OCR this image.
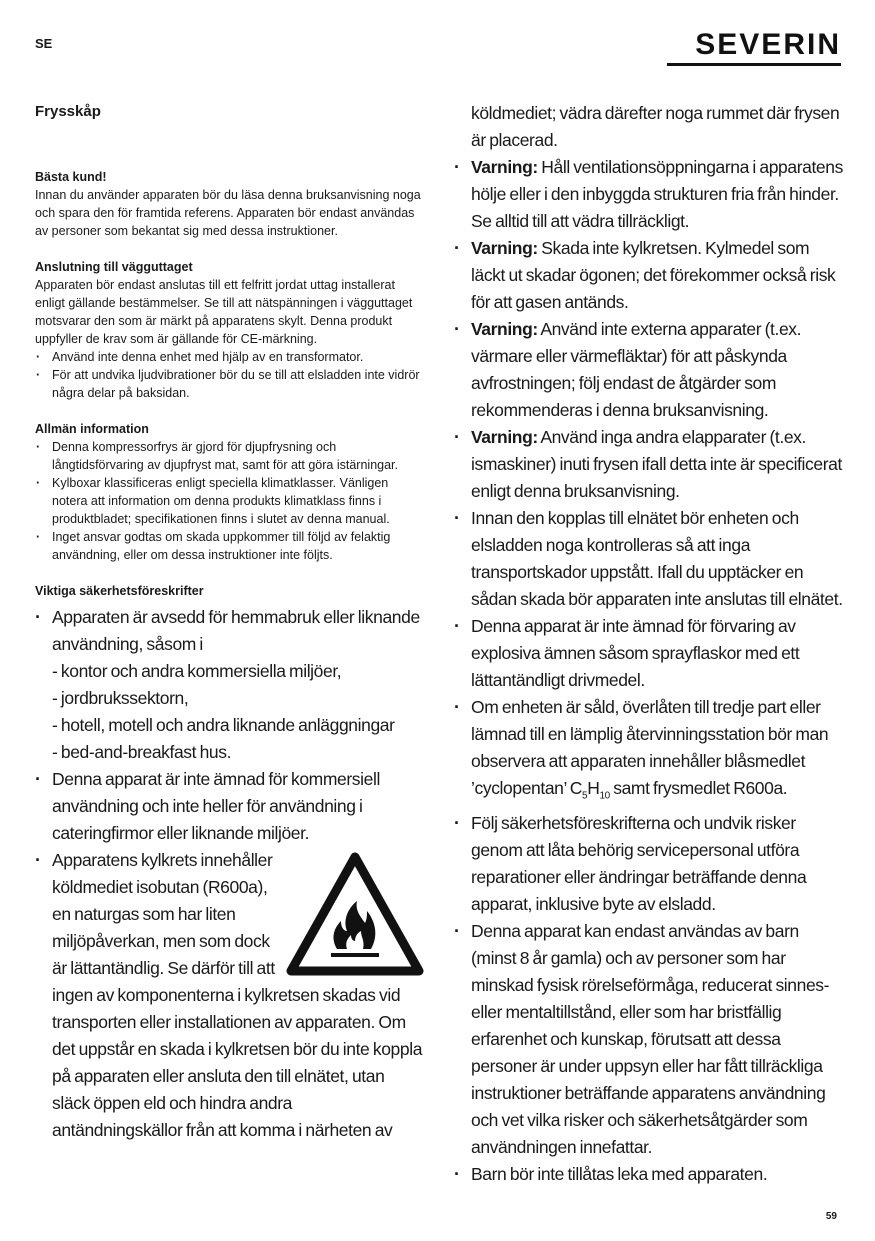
SE	SEVERIN
Frysskåp
Bästa kund!
Innan du använder apparaten bör du läsa denna bruksanvisning noga och spara den för framtida referens. Apparaten bör endast användas av personer som bekantat sig med dessa instruktioner.
Anslutning till vägguttaget
Apparaten bör endast anslutas till ett felfritt jordat uttag installerat enligt gällande bestämmelser. Se till att nätspänningen i vägguttaget motsvarar den som är märkt på apparatens skylt. Denna produkt uppfyller de krav som är gällande för CE-märkning.
· Använd inte denna enhet med hjälp av en transformator.
· För att undvika ljudvibrationer bör du se till att elsladden inte vidrör några delar på baksidan.
Allmän information
· Denna kompressorfrys är gjord för djupfrysning och långtidsförvaring av djupfryst mat, samt för att göra istärningar.
· Kylboxar klassificeras enligt speciella klimatklasser. Vänligen notera att information om denna produkts klimatklass finns i produktbladet; specifikationen finns i slutet av denna manual.
· Inget ansvar godtas om skada uppkommer till följd av felaktig användning, eller om dessa instruktioner inte följts.
Viktiga säkerhetsföreskrifter
· Apparaten är avsedd för hemmabruk eller liknande användning, såsom i
- kontor och andra kommersiella miljöer,
- jordbrukssektorn,
- hotell, motell och andra liknande anläggningar
- bed-and-breakfast hus.
· Denna apparat är inte ämnad för kommersiell användning och inte heller för användning i cateringfirmor eller liknande miljöer.
· Apparatens kylkrets innehåller köldmediet isobutan (R600a), en naturgas som har liten miljöpåverkan, men som dock är lättantändlig. Se därför till att ingen av komponenterna i kylkretsen skadas vid transporten eller installationen av apparaten. Om det uppstår en skada i kylkretsen bör du inte koppla på apparaten eller ansluta den till elnätet, utan släck öppen eld och hindra andra antändningskällor från att komma i närheten av
köldmediet; vädra därefter noga rummet där frysen är placerad.
· Varning: Håll ventilationsöppningarna i apparatens hölje eller i den inbyggda strukturen fria från hinder. Se alltid till att vädra tillräckligt.
· Varning: Skada inte kylkretsen. Kylmedel som läckt ut skadar ögonen; det förekommer också risk för att gasen antänds.
· Varning: Använd inte externa apparater (t.ex. värmare eller värmefläktar) för att påskynda avfrostningen; följ endast de åtgärder som rekommenderas i denna bruksanvisning.
· Varning: Använd inga andra elapparater (t.ex. ismaskiner) inuti frysen ifall detta inte är specificerat enligt denna bruksanvisning.
· Innan den kopplas till elnätet bör enheten och elsladden noga kontrolleras så att inga transportskador uppstått. Ifall du upptäcker en sådan skada bör apparaten inte anslutas till elnätet.
· Denna apparat är inte ämnad för förvaring av explosiva ämnen såsom sprayflaskor med ett lättantändligt drivmedel.
· Om enheten är såld, överlåten till tredje part eller lämnad till en lämplig återvinningsstation bör man observera att apparaten innehåller blåsmedlet ’cyclopentan’ $C_5H_{10}$ samt frysmedlet R600a.
· Följ säkerhetsföreskrifterna och undvik risker genom att låta behörig servicepersonal utföra reparationer eller ändringar beträffande denna apparat, inklusive byte av elsladd.
· Denna apparat kan endast användas av barn (minst 8 år gamla) och av personer som har minskad fysisk rörelseförmåga, reducerat sinnes- eller mentaltillstånd, eller som har bristfällig erfarenhet och kunskap, förutsatt att dessa personer är under uppsyn eller har fått tillräckliga instruktioner beträffande apparatens användning och vet vilka risker och säkerhetsåtgärder som användningen innefattar.
· Barn bör inte tillåtas leka med apparaten.
59
